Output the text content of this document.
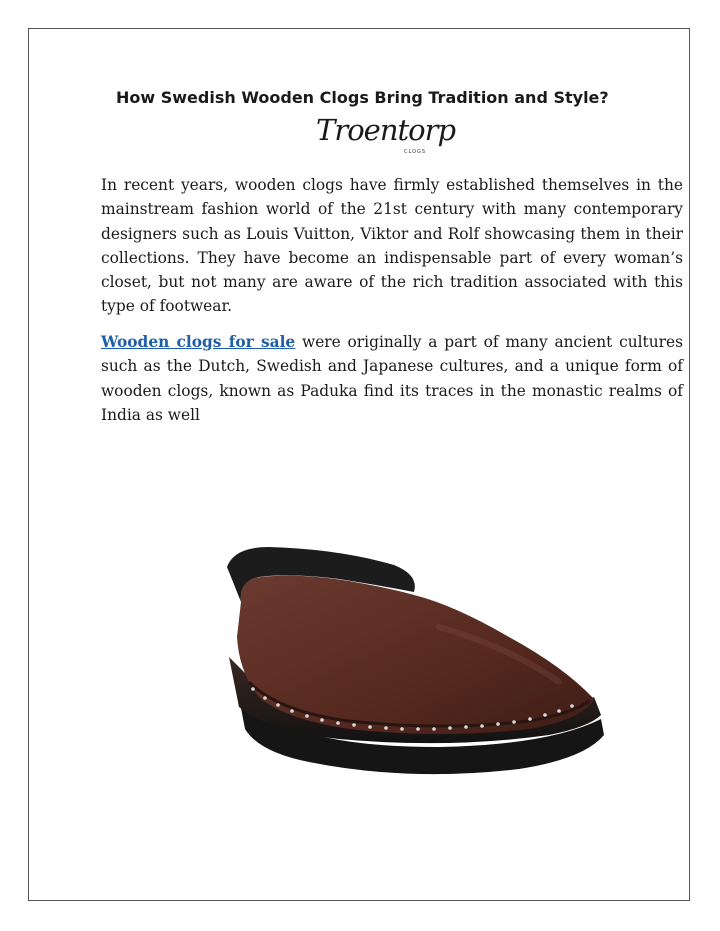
How Swedish Wooden Clogs Bring Tradition and Style?
Troentorp
CLOGS

In recent years, wooden clogs have firmly established themselves in the mainstream fashion world of the 21st century with many contemporary designers such as Louis Vuitton, Viktor and Rolf showcasing them in their collections. They have become an indispensable part of every woman’s closet, but not many are aware of the rich tradition associated with this type of footwear.

Wooden clogs for sale were originally a part of many ancient cultures such as the Dutch, Swedish and Japanese cultures, and a unique form of wooden clogs, known as Paduka find its traces in the monastic realms of India as well
